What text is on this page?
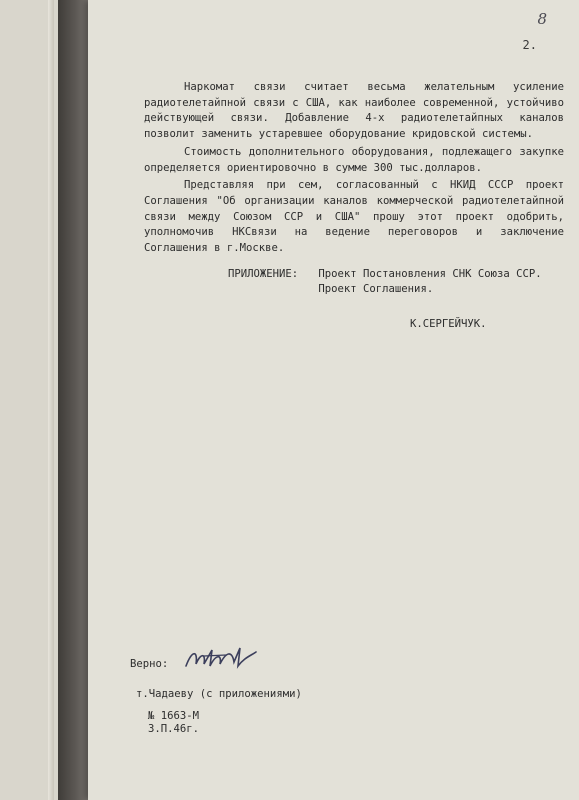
8
2.

Наркомат связи считает весьма желательным усиление радиотелетайпной связи с США, как наиболее современной, устойчиво действующей связи. Добавление 4-х радиотелетайпных каналов позволит заменить устаревшее оборудование кридовской системы.

Стоимость дополнительного оборудования, подлежащего закупке определяется ориентировочно в сумме 300 тыс.долларов.

Представляя при сем, согласованный с НКИД СССР проект Соглашения "Об организации каналов коммерческой радиотелетайпной связи между Союзом ССР и США" прошу этот проект одобрить, уполномочив НКСвязи на ведение переговоров и заключение Соглашения в г.Москве.

ПРИЛОЖЕНИЕ: Проект Постановления СНК Союза ССР.
Проект Соглашения.
К.СЕРГЕЙЧУК.
Верно:
т.Чадаеву (с приложениями)
№ 1663-М
3.П.46г.
